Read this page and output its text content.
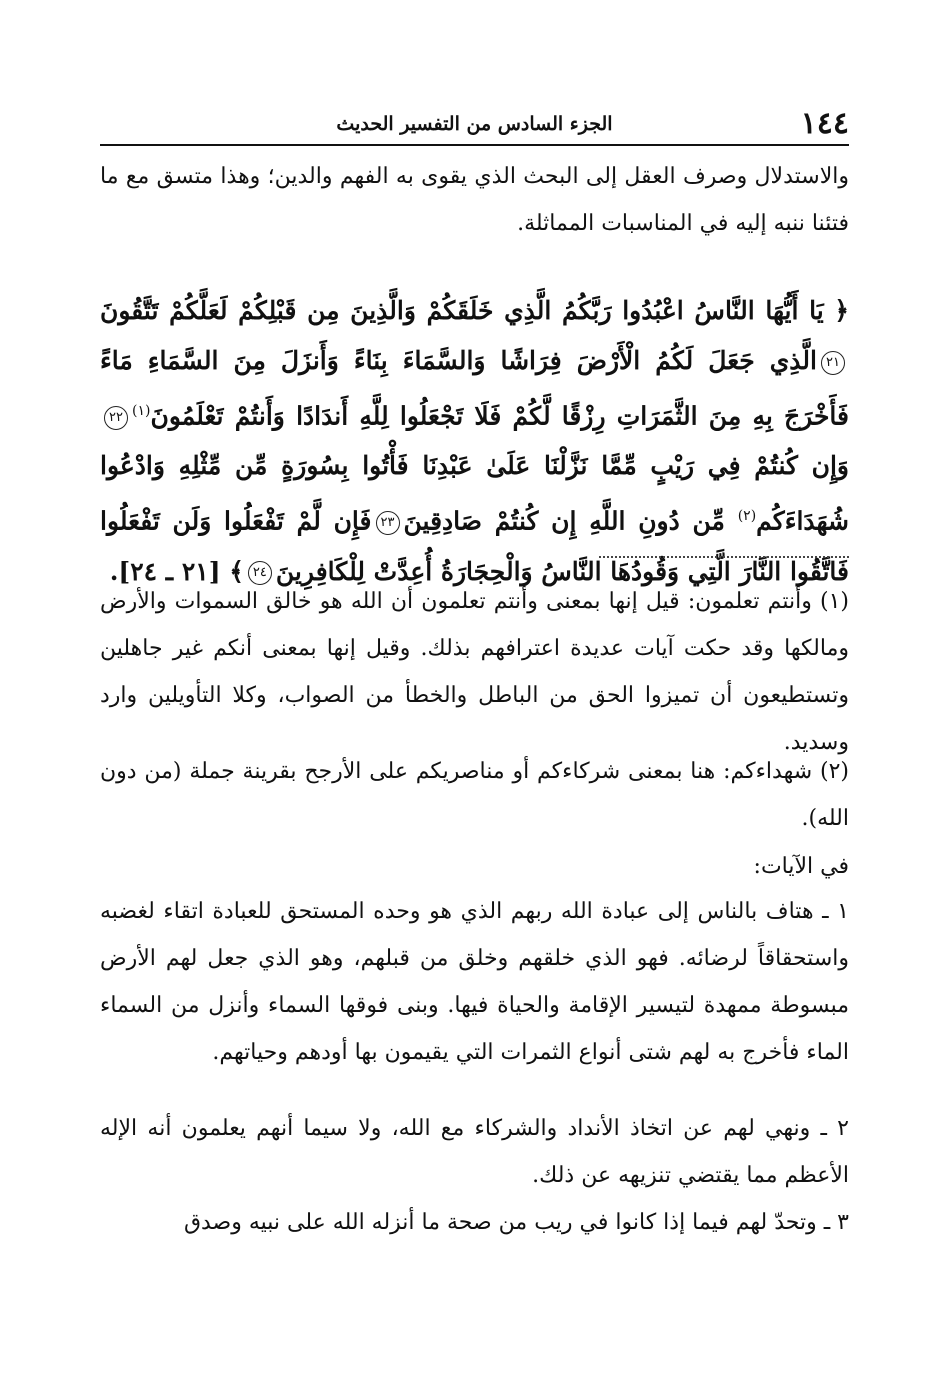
١٤٤
الجزء السادس من التفسير الحديث

والاستدلال وصرف العقل إلى البحث الذي يقوى به الفهم والدين؛ وهذا متسق مع ما فتئنا ننبه إليه في المناسبات المماثلة.

﴿ يَا أَيُّهَا النَّاسُ اعْبُدُوا رَبَّكُمُ الَّذِي خَلَقَكُمْ وَالَّذِينَ مِن قَبْلِكُمْ لَعَلَّكُمْ تَتَّقُونَ٢١الَّذِي جَعَلَ لَكُمُ الْأَرْضَ فِرَاشًا وَالسَّمَاءَ بِنَاءً وَأَنزَلَ مِنَ السَّمَاءِ مَاءً فَأَخْرَجَ بِهِ مِنَ الثَّمَرَاتِ رِزْقًا لَّكُمْ فَلَا تَجْعَلُوا لِلَّهِ أَندَادًا وَأَنتُمْ تَعْلَمُونَ$^{(١)}$٢٢وَإِن كُنتُمْ فِي رَيْبٍ مِّمَّا نَزَّلْنَا عَلَىٰ عَبْدِنَا فَأْتُوا بِسُورَةٍ مِّن مِّثْلِهِ وَادْعُوا شُهَدَاءَكُم$^{(٢)}$ مِّن دُونِ اللَّهِ إِن كُنتُمْ صَادِقِينَ٢٣فَإِن لَّمْ تَفْعَلُوا وَلَن تَفْعَلُوا فَاتَّقُوا النَّارَ الَّتِي وَقُودُهَا النَّاسُ وَالْحِجَارَةُ أُعِدَّتْ لِلْكَافِرِينَ٢٤﴾ [٢١ ـ ٢٤].

(١) وأنتم تعلمون: قيل إنها بمعنى وأنتم تعلمون أن الله هو خالق السموات والأرض ومالكها وقد حكت آيات عديدة اعترافهم بذلك. وقيل إنها بمعنى أنكم غير جاهلين وتستطيعون أن تميزوا الحق من الباطل والخطأ من الصواب، وكلا التأويلين وارد وسديد.

(٢) شهداءكم: هنا بمعنى شركاءكم أو مناصريكم على الأرجح بقرينة جملة (من دون الله).

في الآيات:

١ ـ هتاف بالناس إلى عبادة الله ربهم الذي هو وحده المستحق للعبادة اتقاء لغضبه واستحقاقاً لرضائه. فهو الذي خلقهم وخلق من قبلهم، وهو الذي جعل لهم الأرض مبسوطة ممهدة لتيسير الإقامة والحياة فيها. وبنى فوقها السماء وأنزل من السماء الماء فأخرج به لهم شتى أنواع الثمرات التي يقيمون بها أودهم وحياتهم.

٢ ـ ونهي لهم عن اتخاذ الأنداد والشركاء مع الله، ولا سيما أنهم يعلمون أنه الإله الأعظم مما يقتضي تنزيهه عن ذلك.

٣ ـ وتحدّ لهم فيما إذا كانوا في ريب من صحة ما أنزله الله على نبيه وصدق
